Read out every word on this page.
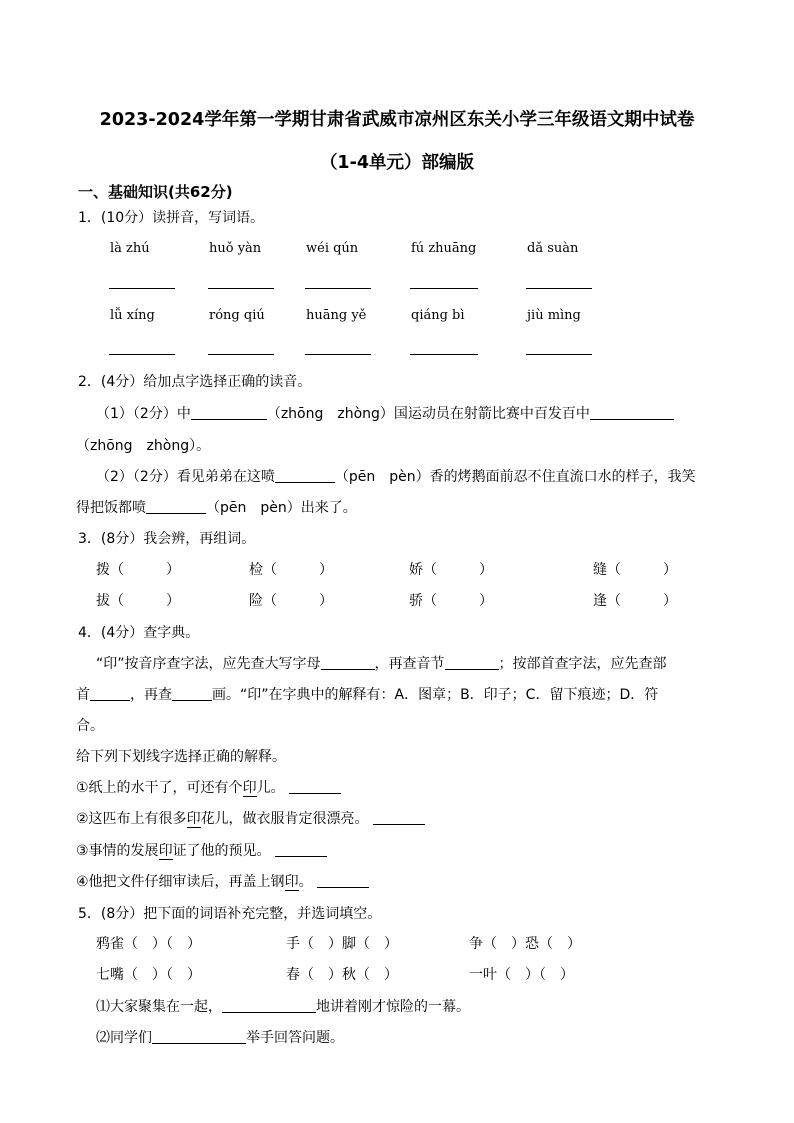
2023-2024学年第一学期甘肃省武威市凉州区东关小学三年级语文期中试卷
（1-4单元）部编版
一、基础知识(共62分)
1．(10分）读拼音，写词语。
là zhú	huǒ yàn	wéi qún	fú zhuāng	dǎ suàn
lǚ xíng	róng qiú	huāng yě	qiáng bì	jiù mìng
2．(4分）给加点字选择正确的读音。
（1）（2分）中	（zhōng　zhòng）国运动员在射箭比赛中百发百中
（zhōng　zhòng）。
（2）（2分）看见弟弟在这喷	（pēn　pèn）香的烤鹅面前忍不住直流口水的样子，我笑
得把饭都喷	（pēn　pèn）出来了。
3．(8分）我会辨，再组词。
拨（　　　）	检（　　　）	娇（　　　）	缝（　　　）
拔（　　　）	险（　　　）	骄（　　　）	逢（　　　）
4．(4分）查字典。
“印”按音序查字法，应先查大写字母	，再查音节	；按部首查字法，应先查部
首	，再查	画。“印”在字典中的解释有：A．图章；B．印子；C．留下痕迹；D．符
合。
给下列下划线字选择正确的解释。
①纸上的水干了，可还有个印儿。
②这匹布上有很多印花儿，做衣服肯定很漂亮。
③事情的发展印证了他的预见。
④他把文件仔细审读后，再盖上钢印。
5．(8分）把下面的词语补充完整，并选词填空。
鸦雀（　）（　）	手（　）脚（　）	争（　）恐（　）
七嘴（　）（　）	春（　）秋（　）	一叶（　）（　）
⑴大家聚集在一起，	地讲着刚才惊险的一幕。
⑵同学们	举手回答问题。
